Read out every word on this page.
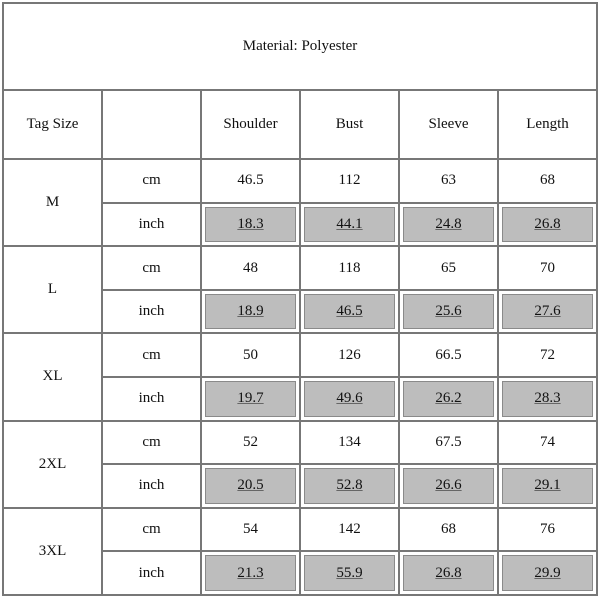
Material: Polyester					
Tag Size		Shoulder	Bust	Sleeve	Length
M	cm	46.5	112	63	68
	inch	18.3	44.1	24.8	26.8
L	cm	48	118	65	70
	inch	18.9	46.5	25.6	27.6
XL	cm	50	126	66.5	72
	inch	19.7	49.6	26.2	28.3
2XL	cm	52	134	67.5	74
	inch	20.5	52.8	26.6	29.1
3XL	cm	54	142	68	76
	inch	21.3	55.9	26.8	29.9
